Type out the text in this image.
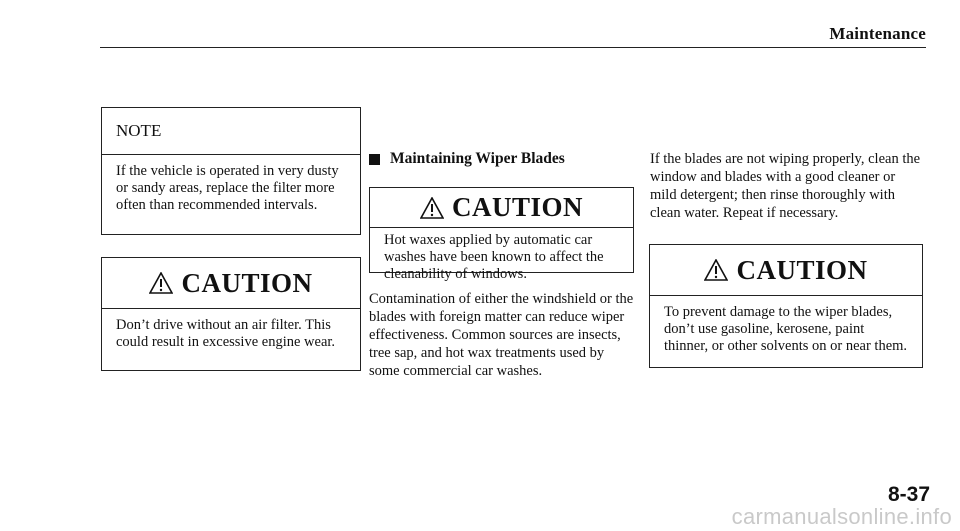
Maintenance
NOTE
If the vehicle is operated in very dusty or sandy areas, replace the filter more often than recommended intervals.
CAUTION
Don’t drive without an air filter. This could result in excessive engine wear.
Maintaining Wiper Blades
CAUTION
Hot waxes applied by automatic car washes have been known to affect the cleanability of windows.
Contamination of either the windshield or the blades with foreign matter can reduce wiper effectiveness. Common sources are insects, tree sap, and hot wax treatments used by some commercial car washes.
If the blades are not wiping properly, clean the window and blades with a good cleaner or mild detergent; then rinse thoroughly with clean water. Repeat if necessary.
CAUTION
To prevent damage to the wiper blades, don’t use gasoline, kerosene, paint thinner, or other solvents on or near them.
8-37
carmanualsonline.info
